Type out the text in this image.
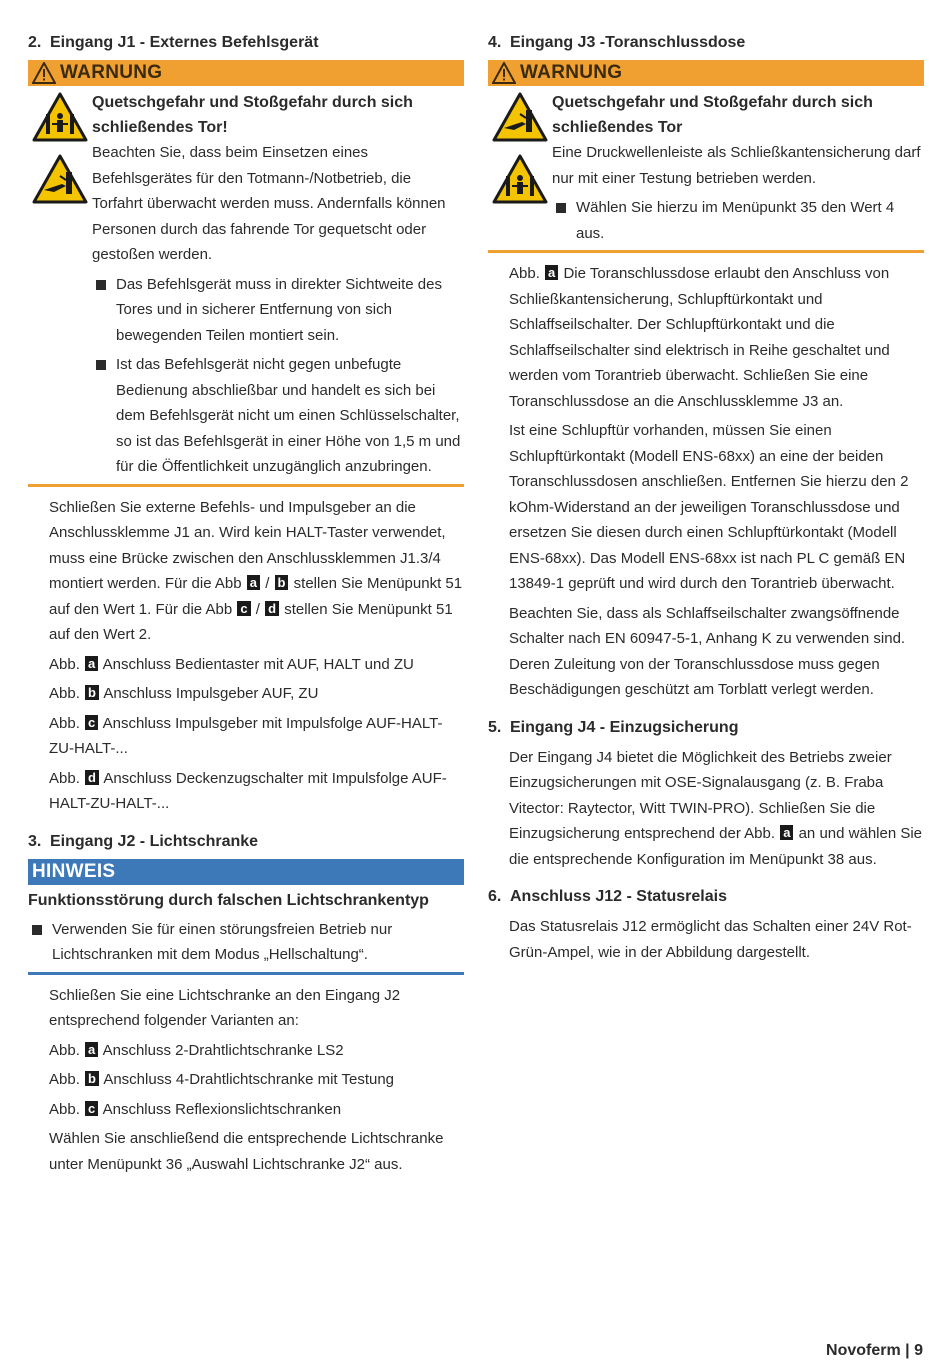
2. Eingang J1 - Externes Befehlsgerät
WARNUNG
Quetschgefahr und Stoßgefahr durch sich schließendes Tor!

Beachten Sie, dass beim Einsetzen eines Befehlsgerätes für den Totmann-/Notbetrieb, die Torfahrt überwacht werden muss. Andernfalls können Personen durch das fahrende Tor gequetscht oder gestoßen werden.

Das Befehlsgerät muss in direkter Sichtweite des Tores und in sicherer Entfernung von sich bewegenden Teilen montiert sein.
Ist das Befehlsgerät nicht gegen unbefugte Bedienung abschließbar und handelt es sich bei dem Befehlsgerät nicht um einen Schlüsselschalter, so ist das Befehlsgerät in einer Höhe von 1,5 m und für die Öffentlichkeit unzugänglich anzubringen.

Schließen Sie externe Befehls- und Impulsgeber an die Anschlussklemme J1 an. Wird kein HALT-Taster verwendet, muss eine Brücke zwischen den Anschlussklemmen J1.3/4 montiert werden. Für die Abb a / b stellen Sie Menüpunkt 51 auf den Wert 1. Für die Abb c / d stellen Sie Menüpunkt 51 auf den Wert 2.

Abb. a Anschluss Bedientaster mit AUF, HALT und ZU

Abb. b Anschluss Impulsgeber AUF, ZU

Abb. c Anschluss Impulsgeber mit Impulsfolge AUF-HALT-ZU-HALT-...

Abb. d Anschluss Deckenzugschalter mit Impulsfolge AUF-HALT-ZU-HALT-...

3. Eingang J2 - Lichtschranke
HINWEIS
Funktionsstörung durch falschen Lichtschrankentyp
Verwenden Sie für einen störungsfreien Betrieb nur Lichtschranken mit dem Modus „Hellschaltung“.

Schließen Sie eine Lichtschranke an den Eingang J2 entsprechend folgender Varianten an:

Abb. a Anschluss 2-Drahtlichtschranke LS2

Abb. b Anschluss 4-Drahtlichtschranke mit Testung

Abb. c Anschluss Reflexionslichtschranken

Wählen Sie anschließend die entsprechende Lichtschranke unter Menüpunkt 36 „Auswahl Lichtschranke J2“ aus.

4. Eingang J3 -Toranschlussdose
WARNUNG
Quetschgefahr und Stoßgefahr durch sich schließendes Tor

Eine Druckwellenleiste als Schließkantensicherung darf nur mit einer Testung betrieben werden.

Wählen Sie hierzu im Menüpunkt 35 den Wert 4 aus.

Abb. a Die Toranschlussdose erlaubt den Anschluss von Schließkantensicherung, Schlupftürkontakt und Schlaffseilschalter. Der Schlupftürkontakt und die Schlaffseilschalter sind elektrisch in Reihe geschaltet und werden vom Torantrieb überwacht. Schließen Sie eine Toranschlussdose an die Anschlussklemme J3 an.

Ist eine Schlupftür vorhanden, müssen Sie einen Schlupftürkontakt (Modell ENS-68xx) an eine der beiden Toranschlussdosen anschließen. Entfernen Sie hierzu den 2 kOhm-Widerstand an der jeweiligen Toranschlussdose und ersetzen Sie diesen durch einen Schlupftürkontakt (Modell ENS-68xx). Das Modell ENS-68xx ist nach PL C gemäß EN 13849-1 geprüft und wird durch den Torantrieb überwacht.

Beachten Sie, dass als Schlaffseilschalter zwangsöffnende Schalter nach EN 60947-5-1, Anhang K zu verwenden sind. Deren Zuleitung von der Toranschlussdose muss gegen Beschädigungen geschützt am Torblatt verlegt werden.

5. Eingang J4 - Einzugsicherung

Der Eingang J4 bietet die Möglichkeit des Betriebs zweier Einzugsicherungen mit OSE-Signalausgang (z. B. Fraba Vitector: Raytector, Witt TWIN-PRO). Schließen Sie die Einzugsicherung entsprechend der Abb. a an und wählen Sie die entsprechende Konfiguration im Menüpunkt 38 aus.

6. Anschluss J12 - Statusrelais

Das Statusrelais J12 ermöglicht das Schalten einer 24V Rot-Grün-Ampel, wie in der Abbildung dargestellt.

Novoferm | 9
